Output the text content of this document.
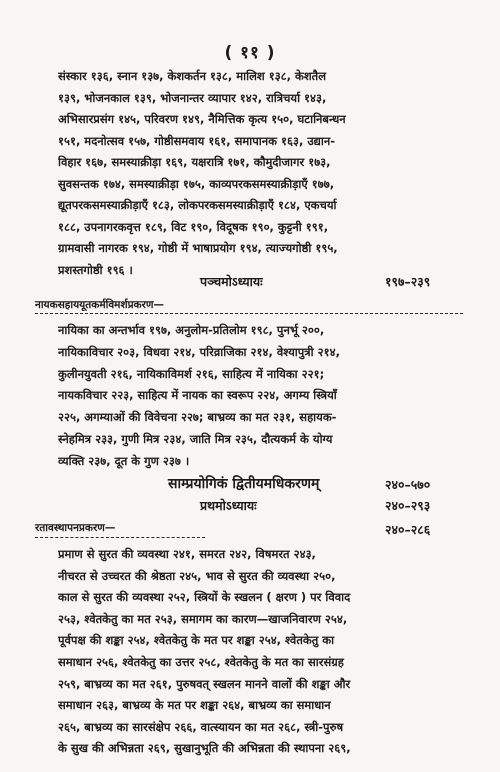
( ११ )
संस्कार १३६, स्नान १३७, केशकर्तन १३८, मालिश १३८, केशतैल
१३९, भोजनकाल १३९, भोजनान्तर व्यापार १४२, रात्रिचर्या १४३,
अभिसारप्रसंग १४५, परिवरण १४९, नैमित्तिक कृत्य १५०, घटानिबन्धन
१५१, मदनोत्सव १५७, गोष्ठीसमवाय १६१, समापानक १६३, उद्यान-
विहार १६७, समस्याक्रीड़ा १६९, यक्षरात्रि १७१, कौमुदीजागर १७३,
सुवसन्तक १७४, समस्याक्रीड़ा १७५, काव्यपरकसमस्याक्रीड़ाएँ १७७,
द्यूतपरकसमस्याक्रीड़ाएँ १८३, लोकपरकसमस्याक्रीड़ाएँ १८४, एकचर्या
१८८, उपनागरकवृत्त १८९, विट १९०, विदूषक १९०, कुट्टनी १९१,
ग्रामवासी नागरक १९४, गोष्ठी में भाषाप्रयोग १९४, त्याज्यगोष्ठी १९५,
प्रशस्तगोष्ठी १९६ ।
पञ्चमोऽध्यायः	१९७–२३९
नायकसहाययूतकर्मविमर्शप्रकरण—
नायिका का अन्तर्भाव १९७, अनुलोम-प्रतिलोम १९८, पुनर्भू २००,
नायिकाविचार २०३, विधवा २१४, परिव्राजिका २१४, वेश्यापुत्री २१४,
कुलीनयुवती २१६, नायिकाविमर्श २१६, साहित्य में नायिका २२१;
नायकविचार २२३, साहित्य में नायक का स्वरूप २२४, अगम्य स्त्रियाँ
२२५, अगम्याओं की विवेचना २२७; बाभ्रव्य का मत २३१, सहायक-
स्नेहमित्र २३३, गुणी मित्र २३४, जाति मित्र २३५, दौत्यकर्म के योग्य
व्यक्ति २३७, दूत के गुण २३७ ।
साम्प्रयोगिकं द्वितीयमधिकरणम्	२४०–५७०
प्रथमोऽध्यायः	२४०–२९३
रतावस्थापनप्रकरण—	२४०–२८६
प्रमाण से सुरत की व्यवस्था २४१, समरत २४२, विषमरत २४३,
नीचरत से उच्चरत की श्रेष्ठता २४५, भाव से सुरत की व्यवस्था २५०,
काल से सुरत की व्यवस्था २५२, स्त्रियों के स्खलन ( क्षरण ) पर विवाद
२५३, श्वेतकेतु का मत २५३, समागम का कारण—खाजनिवारण २५४,
पूर्वपक्ष की शङ्का २५४, श्वेतकेतु के मत पर शङ्का २५४, श्वेतकेतु का
समाधान २५६, श्वेतकेतु का उत्तर २५८, श्वेतकेतु के मत का सारसंग्रह
२५९, बाभ्रव्य का मत २६१, पुरुषवत् स्खलन मानने वालों की शङ्का और
समाधान २६३, बाभ्रव्य के मत पर शङ्का २६४, बाभ्रव्य का समाधान
२६५, बाभ्रव्य का सारसंक्षेप २६६, वात्स्यायन का मत २६८, स्त्री-पुरुष
के सुख की अभिन्नता २६९, सुखानुभूति की अभिन्नता की स्थापना २६९,
